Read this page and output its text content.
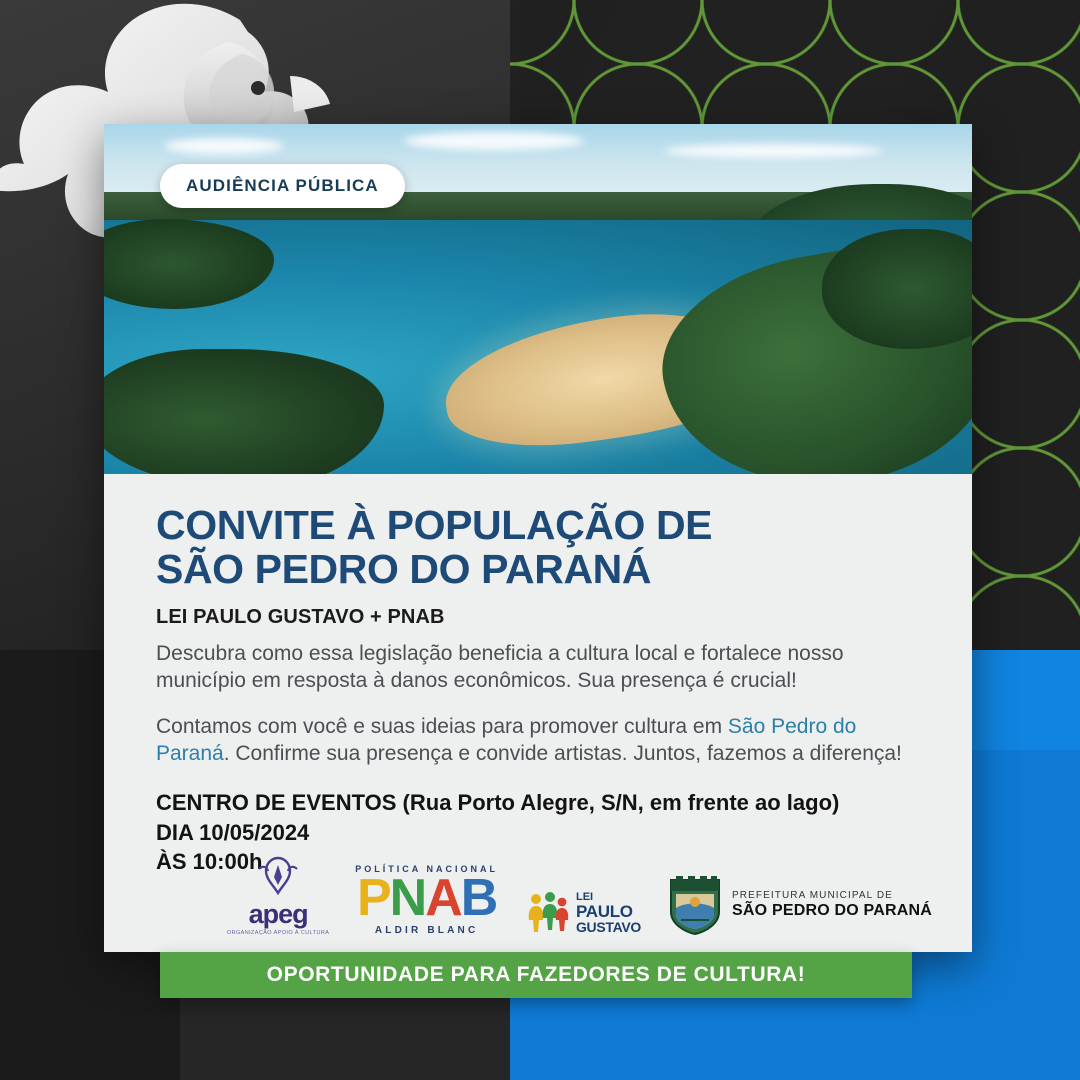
AUDIÊNCIA PÚBLICA
CONVITE À POPULAÇÃO DE
SÃO PEDRO DO PARANÁ
LEI PAULO GUSTAVO + PNAB

Descubra como essa legislação beneficia a cultura local e fortalece nosso município em resposta à danos econômicos. Sua presença é crucial!

Contamos com você e suas ideias para promover cultura em São Pedro do Paraná. Confirme sua presença e convide artistas. Juntos, fazemos a diferença!

CENTRO DE EVENTOS (Rua Porto Alegre, S/N, em frente ao lago)
DIA 10/05/2024
ÀS 10:00h
apeg
ORGANIZAÇÃO APOIO À CULTURA
POLÍTICA NACIONAL
P N A B
ALDIR BLANC
LEI
PAULO
GUSTAVO
PREFEITURA MUNICIPAL DE
SÃO PEDRO DO PARANÁ
OPORTUNIDADE PARA FAZEDORES DE CULTURA!
